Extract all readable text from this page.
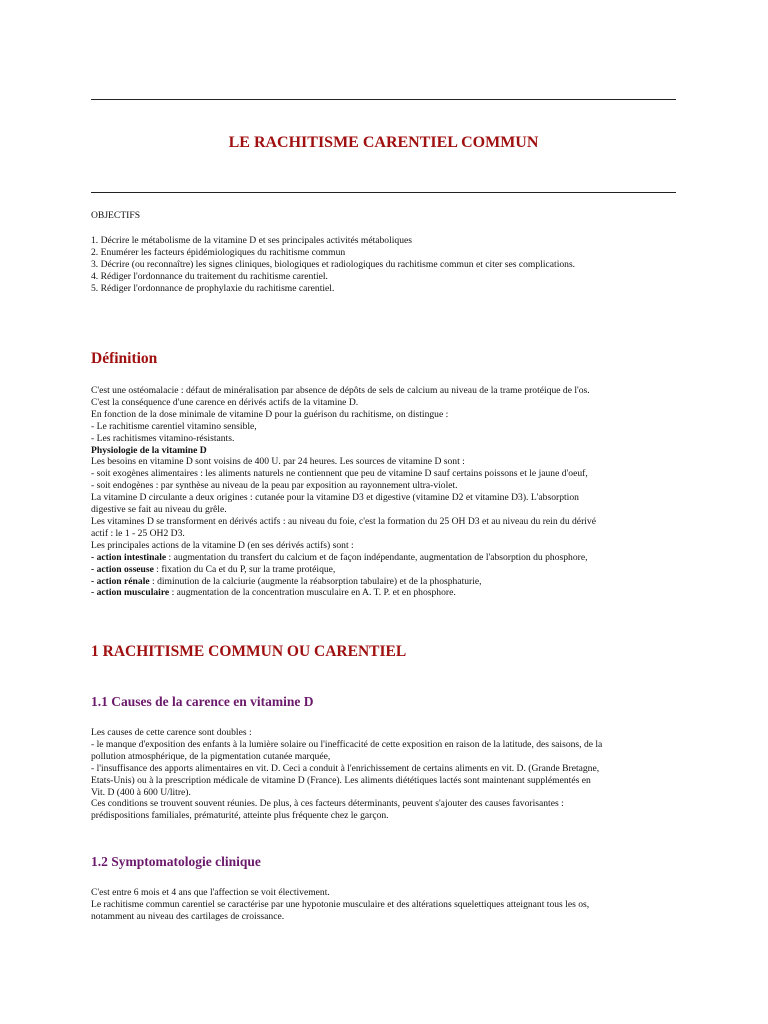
LE RACHITISME CARENTIEL COMMUN
OBJECTIFS
1. Décrire le métabolisme de la vitamine D et ses principales activités métaboliques
2. Enumérer les facteurs épidémiologiques du rachitisme commun
3. Décrire (ou reconnaître) les signes cliniques, biologiques et radiologiques du rachitisme commun et citer ses complications.
4. Rédiger l'ordonnance du traitement du rachitisme carentiel.
5. Rédiger l'ordonnance de prophylaxie du rachitisme carentiel.
Définition
C'est une ostéomalacie : défaut de minéralisation par absence de dépôts de sels de calcium au niveau de la trame protéique de l'os.
C'est la conséquence d'une carence en dérivés actifs de la vitamine D.
En fonction de la dose minimale de vitamine D pour la guérison du rachitisme, on distingue :
- Le rachitisme carentiel vitamino sensible,
- Les rachitismes vitamino-résistants.
Physiologie de la vitamine D
Les besoins en vitamine D sont voisins de 400 U. par 24 heures. Les sources de vitamine D sont :
- soit exogènes alimentaires : les aliments naturels ne contiennent que peu de vitamine D sauf certains poissons et le jaune d'oeuf,
- soit endogènes : par synthèse au niveau de la peau par exposition au rayonnement ultra-violet.
La vitamine D circulante a deux origines : cutanée pour la vitamine D3 et digestive (vitamine D2 et vitamine D3). L'absorption
digestive se fait au niveau du grêle.
Les vitamines D se transforment en dérivés actifs : au niveau du foie, c'est la formation du 25 OH D3 et au niveau du rein du dérivé
actif : le 1 - 25 OH2 D3.
Les principales actions de la vitamine D (en ses dérivés actifs) sont :
- action intestinale : augmentation du transfert du calcium et de façon indépendante, augmentation de l'absorption du phosphore,
- action osseuse : fixation du Ca et du P, sur la trame protéique,
- action rénale : diminution de la calciurie (augmente la réabsorption tabulaire) et de la phosphaturie,
- action musculaire : augmentation de la concentration musculaire en A. T. P. et en phosphore.
1 RACHITISME COMMUN OU CARENTIEL
1.1 Causes de la carence en vitamine D
Les causes de cette carence sont doubles :
- le manque d'exposition des enfants à la lumière solaire ou l'inefficacité de cette exposition en raison de la latitude, des saisons, de la
pollution atmosphérique, de la pigmentation cutanée marquée,
- l'insuffisance des apports alimentaires en vit. D. Ceci a conduit à l'enrichissement de certains aliments en vit. D. (Grande Bretagne,
Etats-Unis) ou à la prescription médicale de vitamine D (France). Les aliments diététiques lactés sont maintenant supplémentés en
Vit. D (400 à 600 U/litre).
Ces conditions se trouvent souvent réunies. De plus, à ces facteurs déterminants, peuvent s'ajouter des causes favorisantes :
prédispositions familiales, prématurité, atteinte plus fréquente chez le garçon.
1.2 Symptomatologie clinique
C'est entre 6 mois et 4 ans que l'affection se voit électivement.
Le rachitisme commun carentiel se caractérise par une hypotonie musculaire et des altérations squelettiques atteignant tous les os,
notamment au niveau des cartilages de croissance.
